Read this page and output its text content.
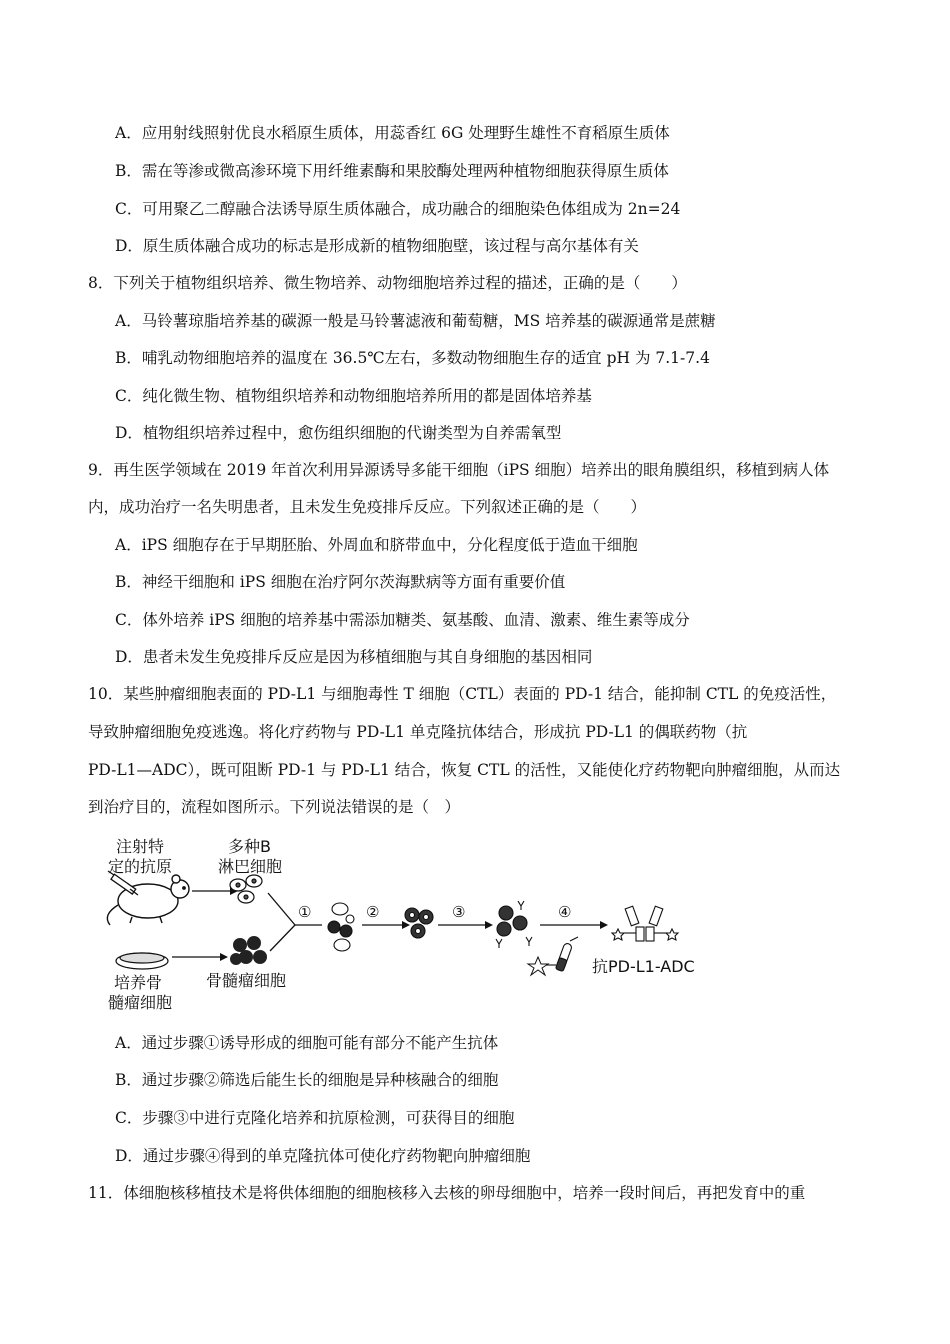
A．应用射线照射优良水稻原生质体，用蕊香红 6G 处理野生雄性不育稻原生质体
B．需在等渗或微高渗环境下用纤维素酶和果胶酶处理两种植物细胞获得原生质体
C．可用聚乙二醇融合法诱导原生质体融合，成功融合的细胞染色体组成为 2n=24
D．原生质体融合成功的标志是形成新的植物细胞壁，该过程与高尔基体有关
8．下列关于植物组织培养、微生物培养、动物细胞培养过程的描述，正确的是（　　）
A．马铃薯琼脂培养基的碳源一般是马铃薯滤液和葡萄糖，MS 培养基的碳源通常是蔗糖
B．哺乳动物细胞培养的温度在 36.5℃左右，多数动物细胞生存的适宜 pH 为 7.1-7.4
C．纯化微生物、植物组织培养和动物细胞培养所用的都是固体培养基
D．植物组织培养过程中，愈伤组织细胞的代谢类型为自养需氧型
9．再生医学领域在 2019 年首次利用异源诱导多能干细胞（iPS 细胞）培养出的眼角膜组织，移植到病人体
内，成功治疗一名失明患者，且未发生免疫排斥反应。下列叙述正确的是（　　）
A．iPS 细胞存在于早期胚胎、外周血和脐带血中，分化程度低于造血干细胞
B．神经干细胞和 iPS 细胞在治疗阿尔茨海默病等方面有重要价值
C．体外培养 iPS 细胞的培养基中需添加糖类、氨基酸、血清、激素、维生素等成分
D．患者未发生免疫排斥反应是因为移植细胞与其自身细胞的基因相同
10．某些肿瘤细胞表面的 PD-L1 与细胞毒性 T 细胞（CTL）表面的 PD-1 结合，能抑制 CTL 的免疫活性，
导致肿瘤细胞免疫逃逸。将化疗药物与 PD-L1 单克隆抗体结合，形成抗 PD-L1 的偶联药物（抗
PD-L1—ADC），既可阻断 PD-1 与 PD-L1 结合，恢复 CTL 的活性，又能使化疗药物靶向肿瘤细胞，从而达
到治疗目的，流程如图所示。下列说法错误的是（　）
注射特
定的抗原
多种B
淋巴细胞
培养骨
髓瘤细胞
骨髓瘤细胞
①	②	③	④
抗PD-L1-ADC
A．通过步骤①诱导形成的细胞可能有部分不能产生抗体
B．通过步骤②筛选后能生长的细胞是异种核融合的细胞
C．步骤③中进行克隆化培养和抗原检测，可获得目的细胞
D．通过步骤④得到的单克隆抗体可使化疗药物靶向肿瘤细胞
11．体细胞核移植技术是将供体细胞的细胞核移入去核的卵母细胞中，培养一段时间后，再把发育中的重
